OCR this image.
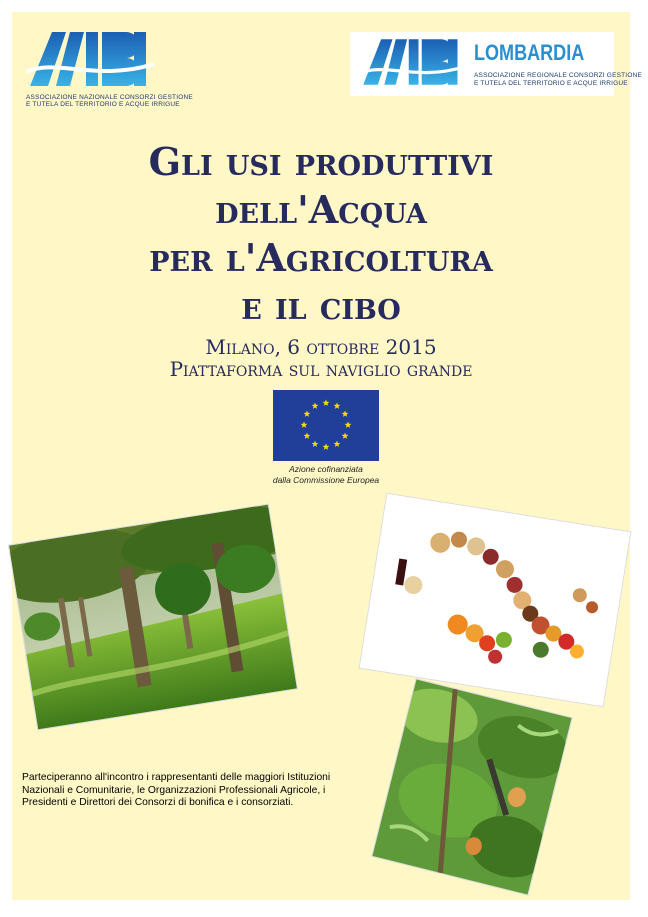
ASSOCIAZIONE NAZIONALE CONSORZI GESTIONE
E TUTELA DEL TERRITORIO E ACQUE IRRIGUE
LOMBARDIA
ASSOCIAZIONE REGIONALE CONSORZI GESTIONE
E TUTELA DEL TERRITORIO E ACQUE IRRIGUE
Gli usi produttivi
dell'Acqua
per l'Agricoltura
e il cibo
Milano, 6 ottobre 2015
Piattaforma sul naviglio grande
Azione cofinanziata
dalla Commissione Europea
Parteciperanno all'incontro i rappresentanti delle maggiori Istituzioni Nazionali e Comunitarie, le Organizzazioni Professionali Agricole, i Presidenti e Direttori dei Consorzi di bonifica e i consorziati.
